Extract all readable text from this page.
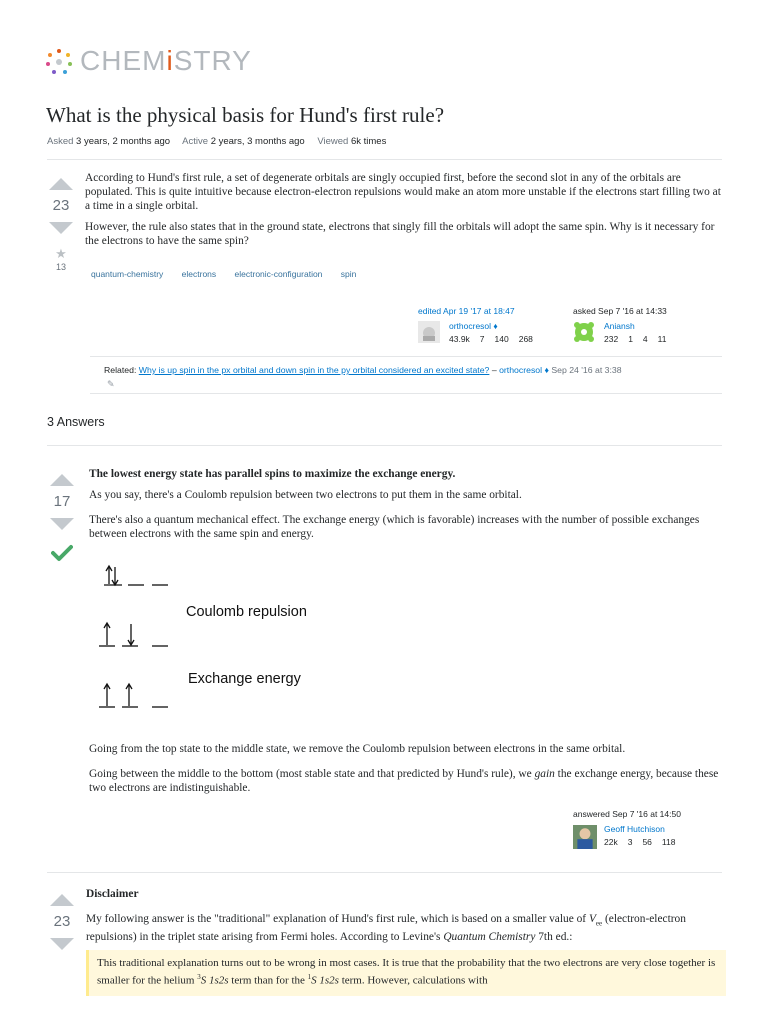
CHEMiSTRY
What is the physical basis for Hund's first rule?
Asked 3 years, 2 months ago Active 2 years, 3 months ago Viewed 6k times
23
★
13

According to Hund's first rule, a set of degenerate orbitals are singly occupied first, before the second slot in any of the orbitals are populated. This is quite intuitive because electron-electron repulsions would make an atom more unstable if the electrons start filling two at a time in a single orbital.

However, the rule also states that in the ground state, electrons that singly fill the orbitals will adopt the same spin. Why is it necessary for the electrons to have the same spin?

quantum-chemistry electrons electronic-configuration spin
edited Apr 19 '17 at 18:47
orthocresol ♦
43.9k 7 140 268
asked Sep 7 '16 at 14:33
Aniansh
232 1 4 11
Related: Why is up spin in the px orbital and down spin in the py orbital considered an excited state? – orthocresol ♦ Sep 24 '16 at 3:38
✎
3 Answers
17

The lowest energy state has parallel spins to maximize the exchange energy.

As you say, there's a Coulomb repulsion between two electrons to put them in the same orbital.

There's also a quantum mechanical effect. The exchange energy (which is favorable) increases with the number of possible exchanges between electrons with the same spin and energy.

Coulomb repulsion
Exchange energy

Going from the top state to the middle state, we remove the Coulomb repulsion between electrons in the same orbital.

Going between the middle to the bottom (most stable state and that predicted by Hund's rule), we gain the exchange energy, because these two electrons are indistinguishable.

answered Sep 7 '16 at 14:50
Geoff Hutchison
22k 3 56 118
23

Disclaimer

My following answer is the "traditional" explanation of Hund's first rule, which is based on a smaller value of $V_{ee}$ (electron-electron repulsions) in the triplet state arising from Fermi holes. According to Levine's Quantum Chemistry 7th ed.:

This traditional explanation turns out to be wrong in most cases. It is true that the probability that the two electrons are very close together is smaller for the helium $^3$S 1s2s term than for the $^1$S 1s2s term. However, calculations with
